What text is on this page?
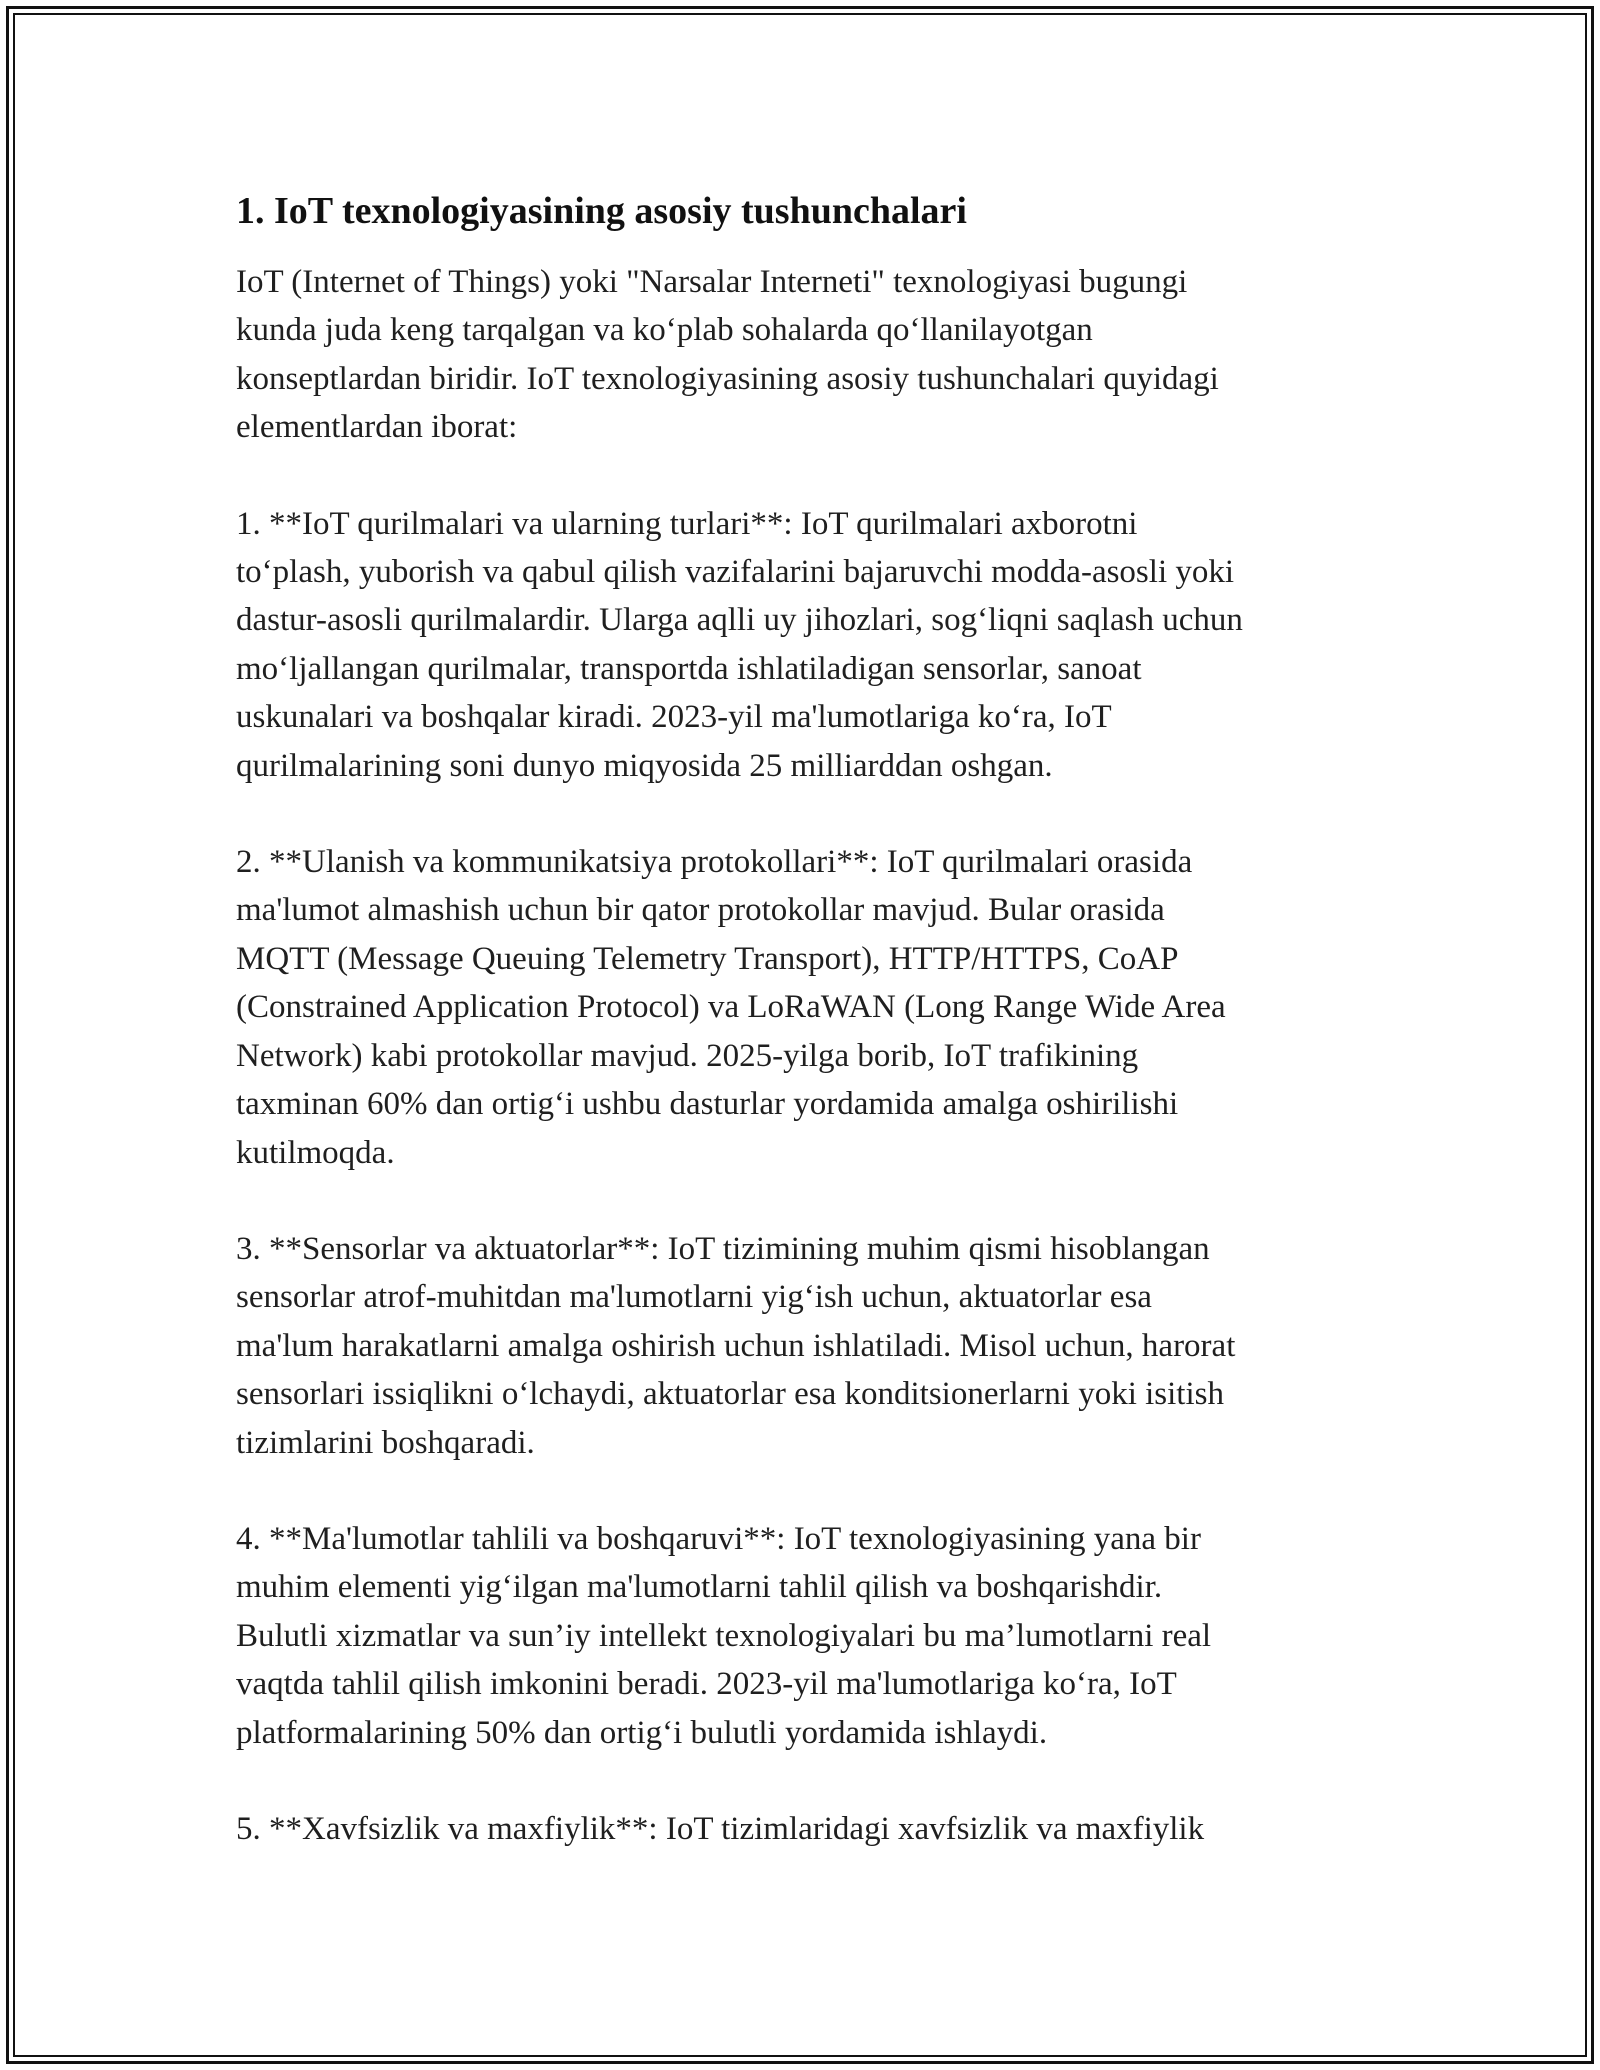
1. IoT texnologiyasining asosiy tushunchalari

IoT (Internet of Things) yoki "Narsalar Interneti" texnologiyasi bugungi
kunda juda keng tarqalgan va ko‘plab sohalarda qo‘llanilayotgan
konseptlardan biridir. IoT texnologiyasining asosiy tushunchalari quyidagi
elementlardan iborat:

1. **IoT qurilmalari va ularning turlari**: IoT qurilmalari axborotni
to‘plash, yuborish va qabul qilish vazifalarini bajaruvchi modda-asosli yoki
dastur-asosli qurilmalardir. Ularga aqlli uy jihozlari, sog‘liqni saqlash uchun
mo‘ljallangan qurilmalar, transportda ishlatiladigan sensorlar, sanoat
uskunalari va boshqalar kiradi. 2023-yil ma'lumotlariga ko‘ra, IoT
qurilmalarining soni dunyo miqyosida 25 milliarddan oshgan.

2. **Ulanish va kommunikatsiya protokollari**: IoT qurilmalari orasida
ma'lumot almashish uchun bir qator protokollar mavjud. Bular orasida
MQTT (Message Queuing Telemetry Transport), HTTP/HTTPS, CoAP
(Constrained Application Protocol) va LoRaWAN (Long Range Wide Area
Network) kabi protokollar mavjud. 2025-yilga borib, IoT trafikining
taxminan 60% dan ortig‘i ushbu dasturlar yordamida amalga oshirilishi
kutilmoqda.

3. **Sensorlar va aktuatorlar**: IoT tizimining muhim qismi hisoblangan
sensorlar atrof-muhitdan ma'lumotlarni yig‘ish uchun, aktuatorlar esa
ma'lum harakatlarni amalga oshirish uchun ishlatiladi. Misol uchun, harorat
sensorlari issiqlikni o‘lchaydi, aktuatorlar esa konditsionerlarni yoki isitish
tizimlarini boshqaradi.

4. **Ma'lumotlar tahlili va boshqaruvi**: IoT texnologiyasining yana bir
muhim elementi yig‘ilgan ma'lumotlarni tahlil qilish va boshqarishdir.
Bulutli xizmatlar va sun’iy intellekt texnologiyalari bu ma’lumotlarni real
vaqtda tahlil qilish imkonini beradi. 2023-yil ma'lumotlariga ko‘ra, IoT
platformalarining 50% dan ortig‘i bulutli yordamida ishlaydi.

5. **Xavfsizlik va maxfiylik**: IoT tizimlaridagi xavfsizlik va maxfiylik
